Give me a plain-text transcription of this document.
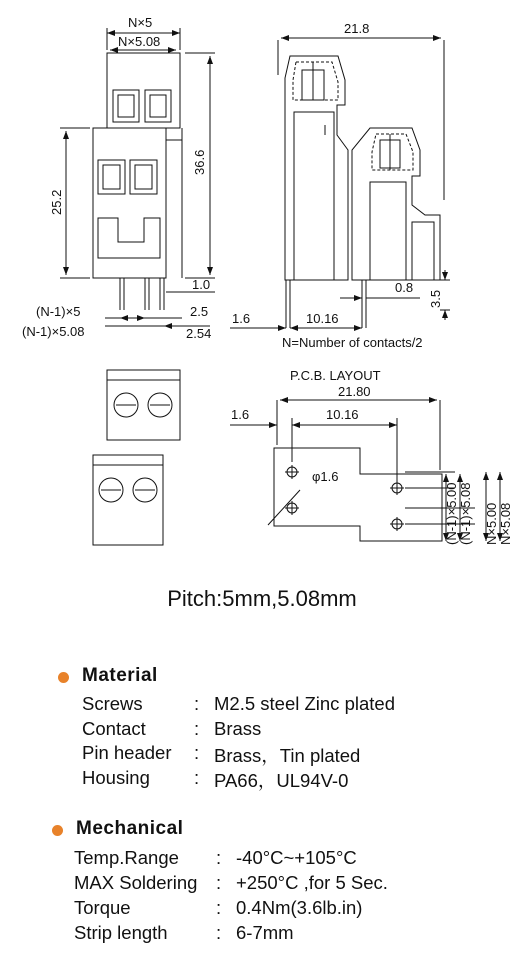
N×5
N×5.08
36.6
25.2
1.0
2.5
2.54
(N-1)×5
(N-1)×5.08
21.8
1.6	10.16
0.8
3.5
N=Number of contacts/2
P.C.B. LAYOUT
21.80
1.6	10.16
φ1.6
(N-1)×5.00 (N-1)×5.08 N×5.00 N×5.08
Pitch:5mm,5.08mm
Material
Screws	: M2.5 steel Zinc plated
Contact	: Brass
Pin header : Brass，Tin plated
Housing : PA66，UL94V-0
Mechanical
Temp.Range : -40°C~+105°C
MAX Soldering : +250°C ,for 5 Sec.
Torque	: 0.4Nm(3.6lb.in)
Strip length	: 6-7mm
